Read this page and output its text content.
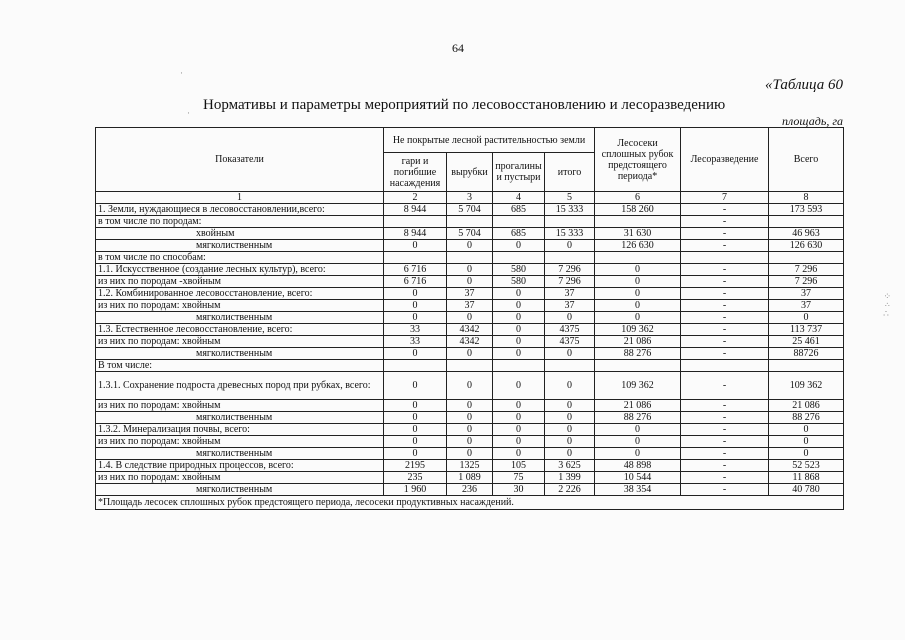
64
«Таблица 60
Нормативы и параметры мероприятий по лесовосстановлению и лесоразведению
площадь, га
Показатели	Не покрытые лесной растительностью земли				Лесосеки сплошных рубок предстоящего периода*	Лесоразведение	Всего
	гари и погибшие насаждения	вырубки	прогалины и пустыри	итого			
1	2	3	4	5	6	7	8
1. Земли, нуждающиеся в лесовосстановлении,всего:	8 944	5 704	685	15 333	158 260	-	173 593
в том числе по породам:						-	
хвойным	8 944	5 704	685	15 333	31 630	-	46 963
мягколиственным	0	0	0	0	126 630	-	126 630
в том числе по способам:							
1.1. Искусственное (создание лесных культур), всего:	6 716	0	580	7 296	0	-	7 296
из них по породам -хвойным	6 716	0	580	7 296	0	-	7 296
1.2. Комбинированное лесовосстановление, всего:	0	37	0	37	0	-	37
из них по породам: хвойным	0	37	0	37	0	-	37
мягколиственным	0	0	0	0	0	-	0
1.3. Естественное лесовосстановление, всего:	33	4342	0	4375	109 362	-	113 737
из них по породам: хвойным	33	4342	0	4375	21 086	-	25 461
мягколиственным	0	0	0	0	88 276	-	88726
В том числе:							
1.3.1. Сохранение подроста древесных пород при рубках, всего:	0	0	0	0	109 362	-	109 362
из них по породам: хвойным	0	0	0	0	21 086	-	21 086
мягколиственным	0	0	0	0	88 276	-	88 276
1.3.2. Минерализация почвы, всего:	0	0	0	0	0	-	0
из них по породам: хвойным	0	0	0	0	0	-	0
мягколиственным	0	0	0	0	0	-	0
1.4. В следствие природных процессов, всего:	2195	1325	105	3 625	48 898	-	52 523
из них по породам: хвойным	235	1 089	75	1 399	10 544	-	11 868
мягколиственным	1 960	236	30	2 226	38 354	-	40 780
*Площадь лесосек сплошных рубок предстоящего периода, лесосеки продуктивных насаждений.							
·
·
⁘ ⁖ ∴
